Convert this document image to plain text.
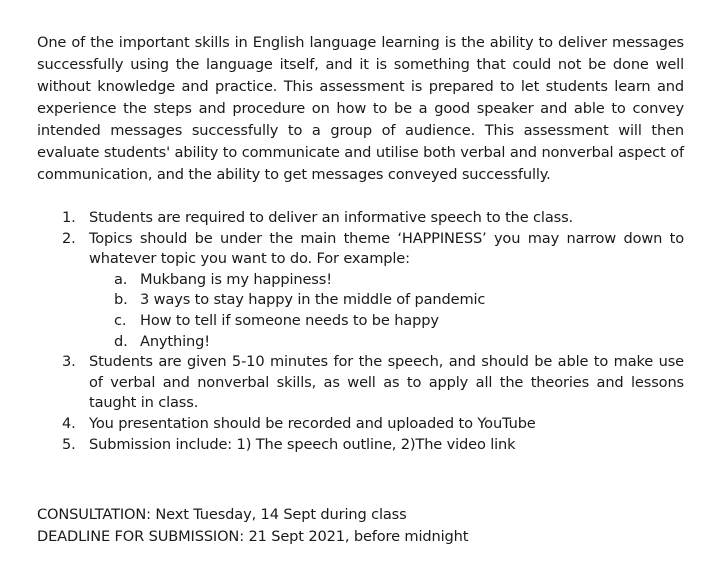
One of the important skills in English language learning is the ability to deliver messages successfully using the language itself, and it is something that could not be done well without knowledge and practice. This assessment is prepared to let students learn and experience the steps and procedure on how to be a good speaker and able to convey intended messages successfully to a group of audience. This assessment will then evaluate students' ability to communicate and utilise both verbal and nonverbal aspect of communication, and the ability to get messages conveyed successfully.

1. Students are required to deliver an informative speech to the class.
2. Topics should be under the main theme ‘HAPPINESS’ you may narrow down to whatever topic you want to do. For example:
a. Mukbang is my happiness!
b. 3 ways to stay happy in the middle of pandemic
c. How to tell if someone needs to be happy
d. Anything!
3. Students are given 5-10 minutes for the speech, and should be able to make use of verbal and nonverbal skills, as well as to apply all the theories and lessons taught in class.
4. You presentation should be recorded and uploaded to YouTube
5. Submission include: 1) The speech outline, 2)The video link

CONSULTATION: Next Tuesday, 14 Sept during class

DEADLINE FOR SUBMISSION: 21 Sept 2021, before midnight
